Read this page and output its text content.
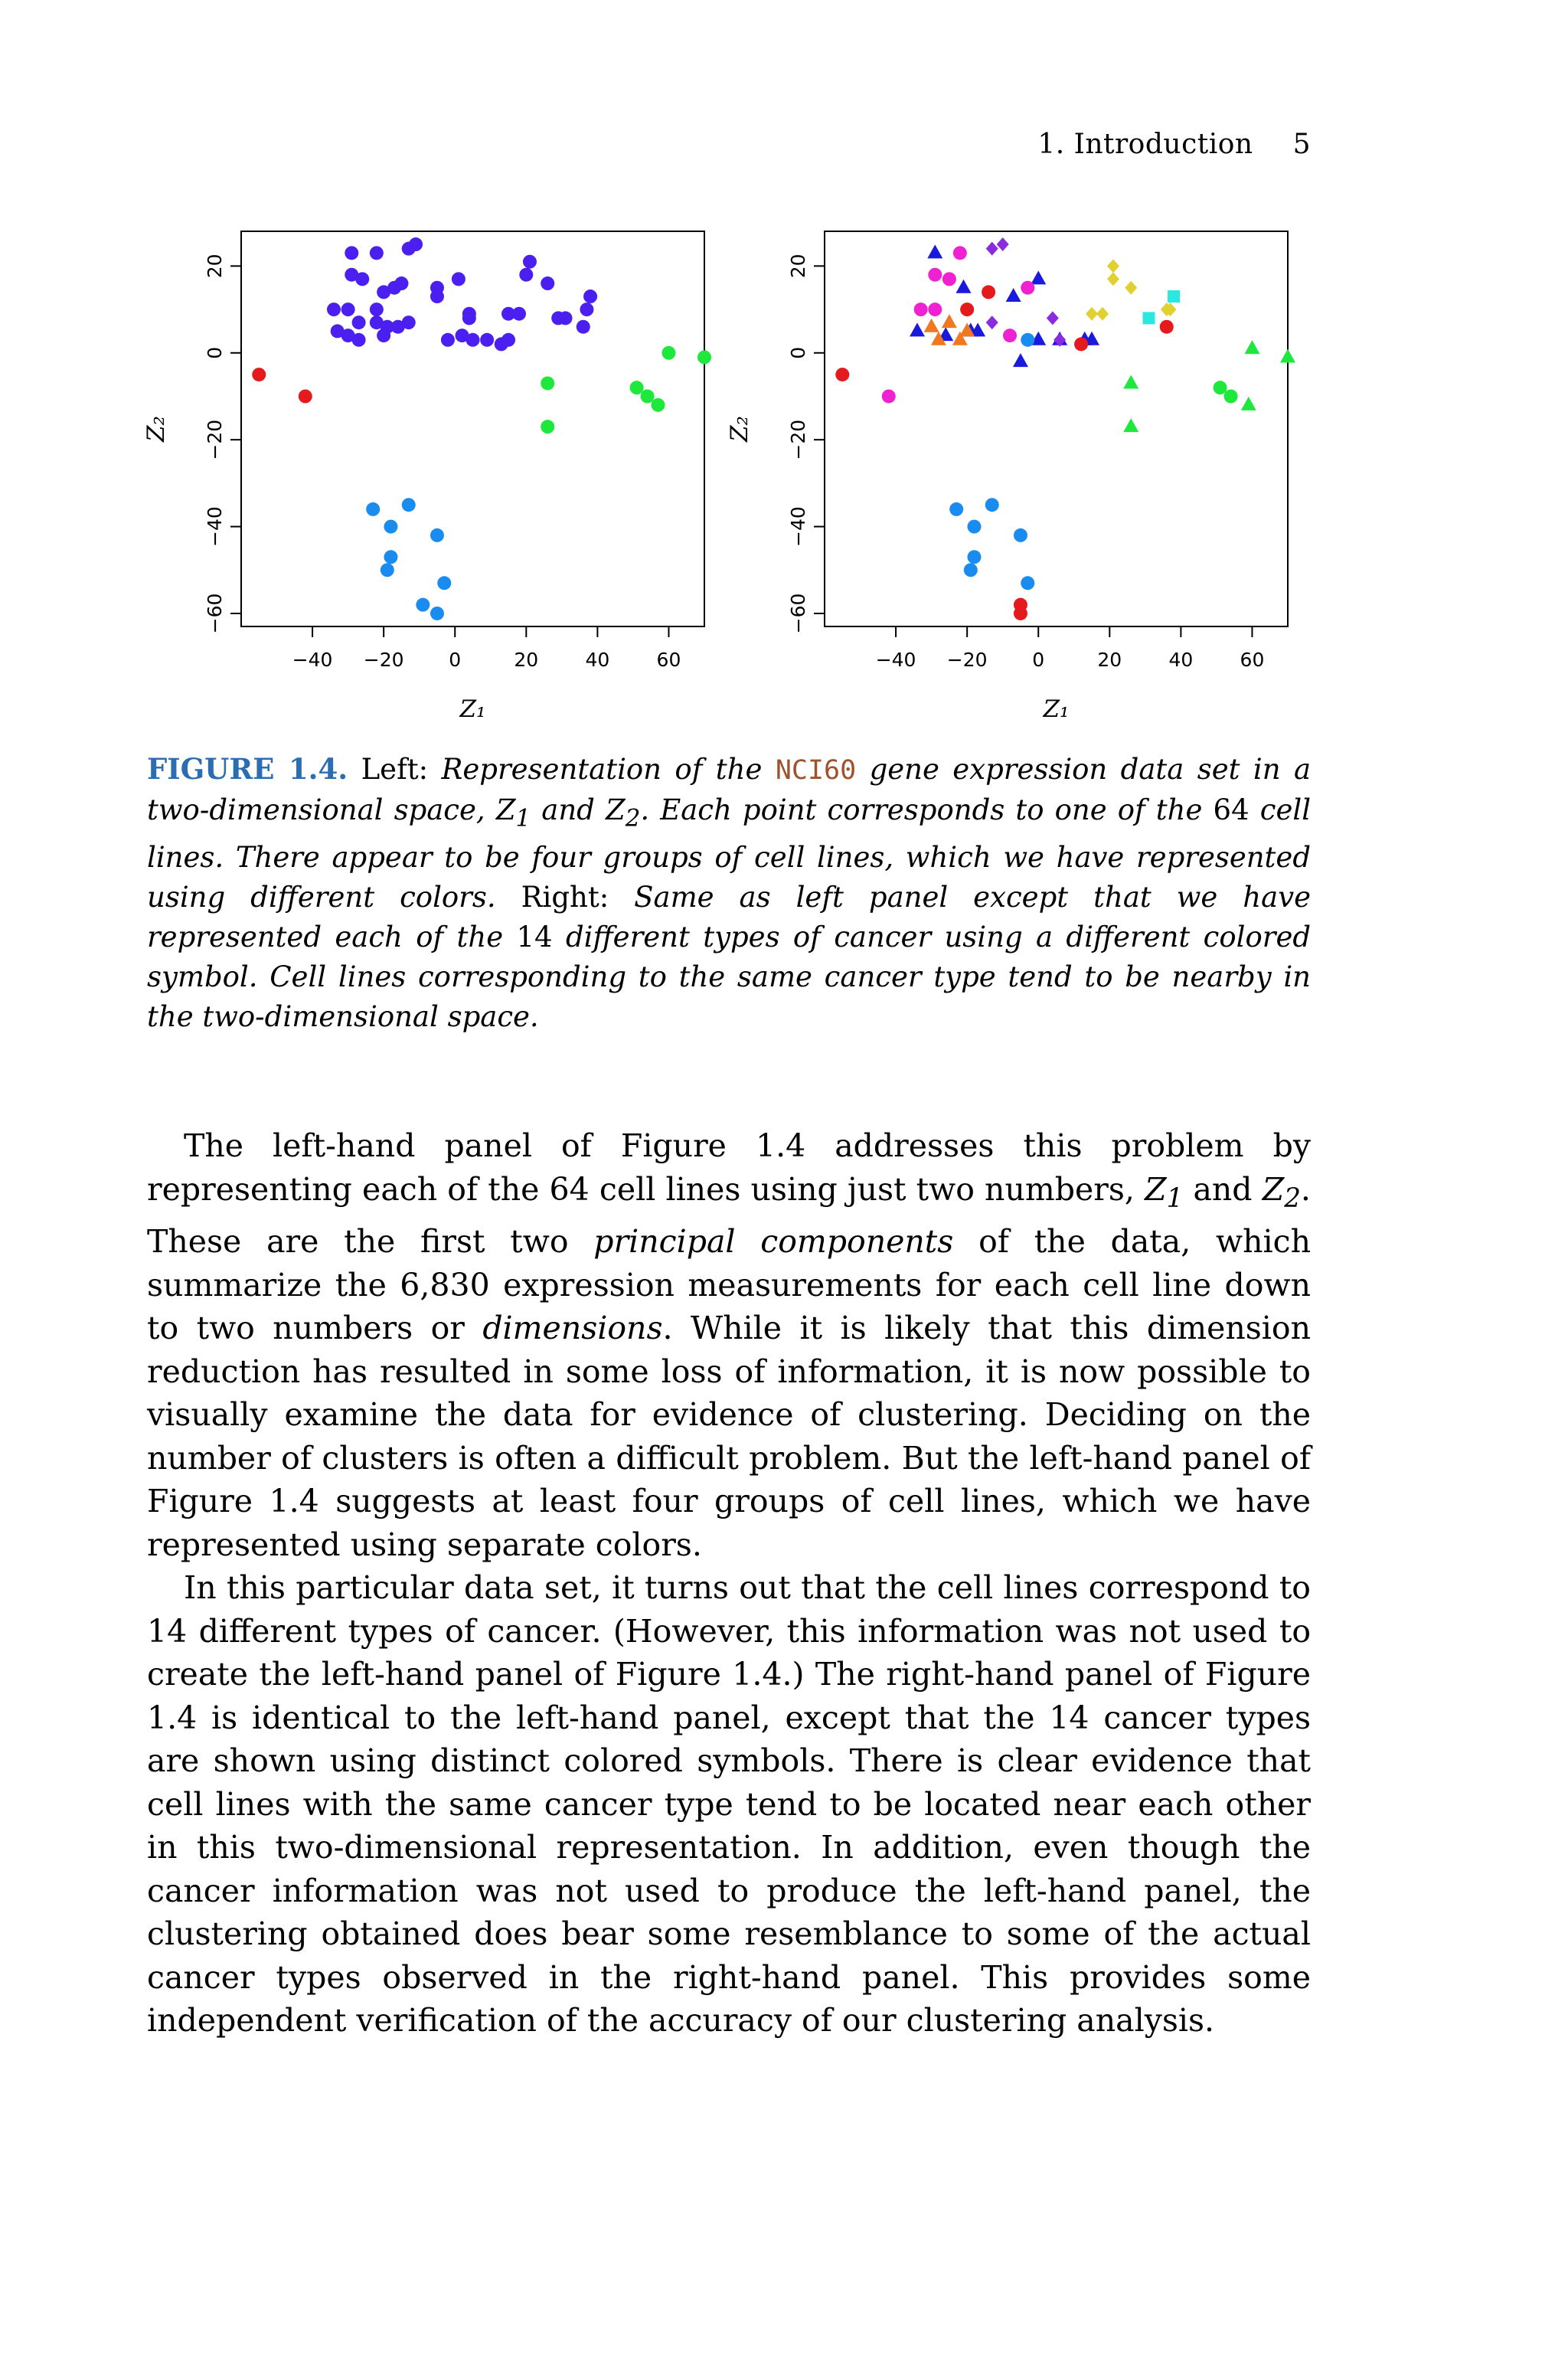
1. Introduction 5
−40 −20 0	20 40 60
−60
−40
−20
0
20
Z₁
Z₂
−40 −20 0	20 40 60
−60
−40
−20
0
20
Z₁
Z₂
FIGURE 1.4. Left: Representation of the NCI60 gene expression data set in a two-dimensional space, $Z_1$ and $Z_2$. Each point corresponds to one of the 64 cell lines. There appear to be four groups of cell lines, which we have represented using different colors. Right: Same as left panel except that we have represented each of the 14 different types of cancer using a different colored symbol. Cell lines corresponding to the same cancer type tend to be nearby in the two-dimensional space.

The left-hand panel of Figure 1.4 addresses this problem by representing each of the 64 cell lines using just two numbers, $Z_1$ and $Z_2$. These are the first two principal components of the data, which summarize the 6,830 expression measurements for each cell line down to two numbers or dimensions. While it is likely that this dimension reduction has resulted in some loss of information, it is now possible to visually examine the data for evidence of clustering. Deciding on the number of clusters is often a difficult problem. But the left-hand panel of Figure 1.4 suggests at least four groups of cell lines, which we have represented using separate colors.

In this particular data set, it turns out that the cell lines correspond to 14 different types of cancer. (However, this information was not used to create the left-hand panel of Figure 1.4.) The right-hand panel of Figure 1.4 is identical to the left-hand panel, except that the 14 cancer types are shown using distinct colored symbols. There is clear evidence that cell lines with the same cancer type tend to be located near each other in this two-dimensional representation. In addition, even though the cancer information was not used to produce the left-hand panel, the clustering obtained does bear some resemblance to some of the actual cancer types observed in the right-hand panel. This provides some independent verification of the accuracy of our clustering analysis.
